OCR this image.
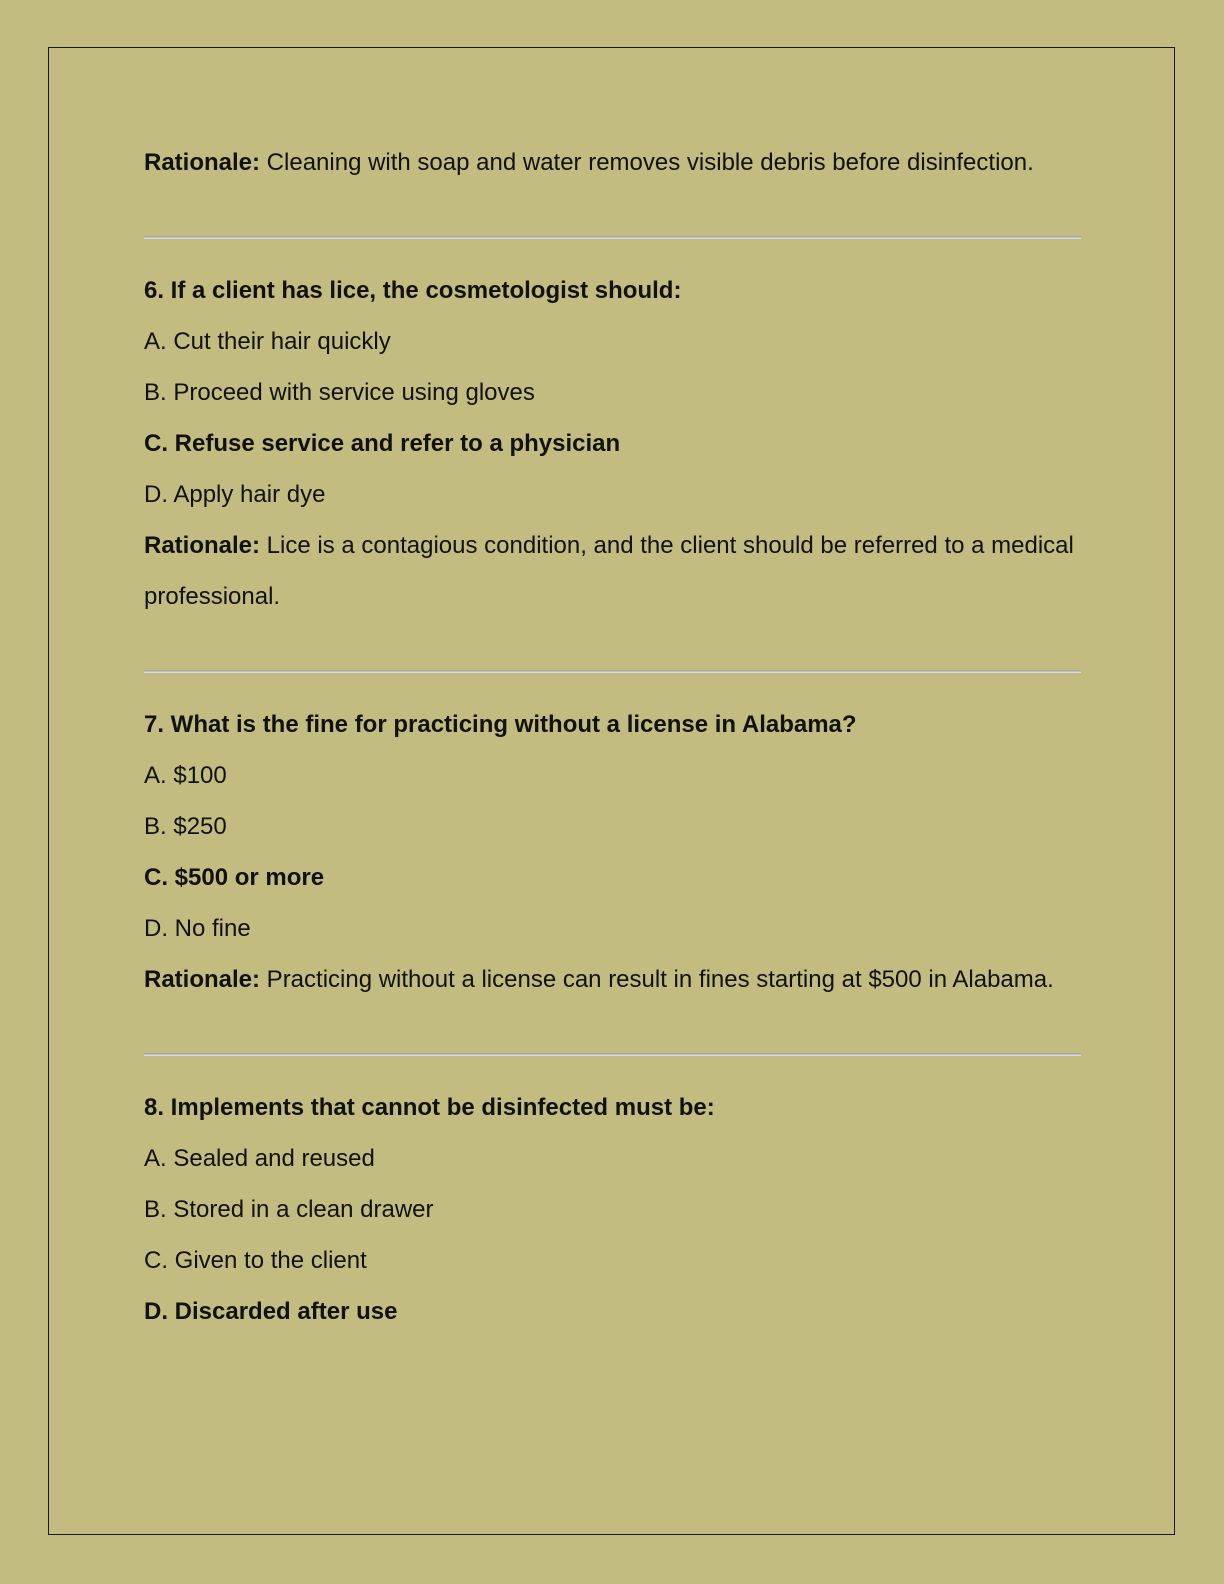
Rationale: Cleaning with soap and water removes visible debris before disinfection.

6. If a client has lice, the cosmetologist should:

A. Cut their hair quickly

B. Proceed with service using gloves

C. Refuse service and refer to a physician

D. Apply hair dye

Rationale: Lice is a contagious condition, and the client should be referred to a medical professional.

7. What is the fine for practicing without a license in Alabama?

A. $100

B. $250

C. $500 or more

D. No fine

Rationale: Practicing without a license can result in fines starting at $500 in Alabama.

8. Implements that cannot be disinfected must be:

A. Sealed and reused

B. Stored in a clean drawer

C. Given to the client

D. Discarded after use
